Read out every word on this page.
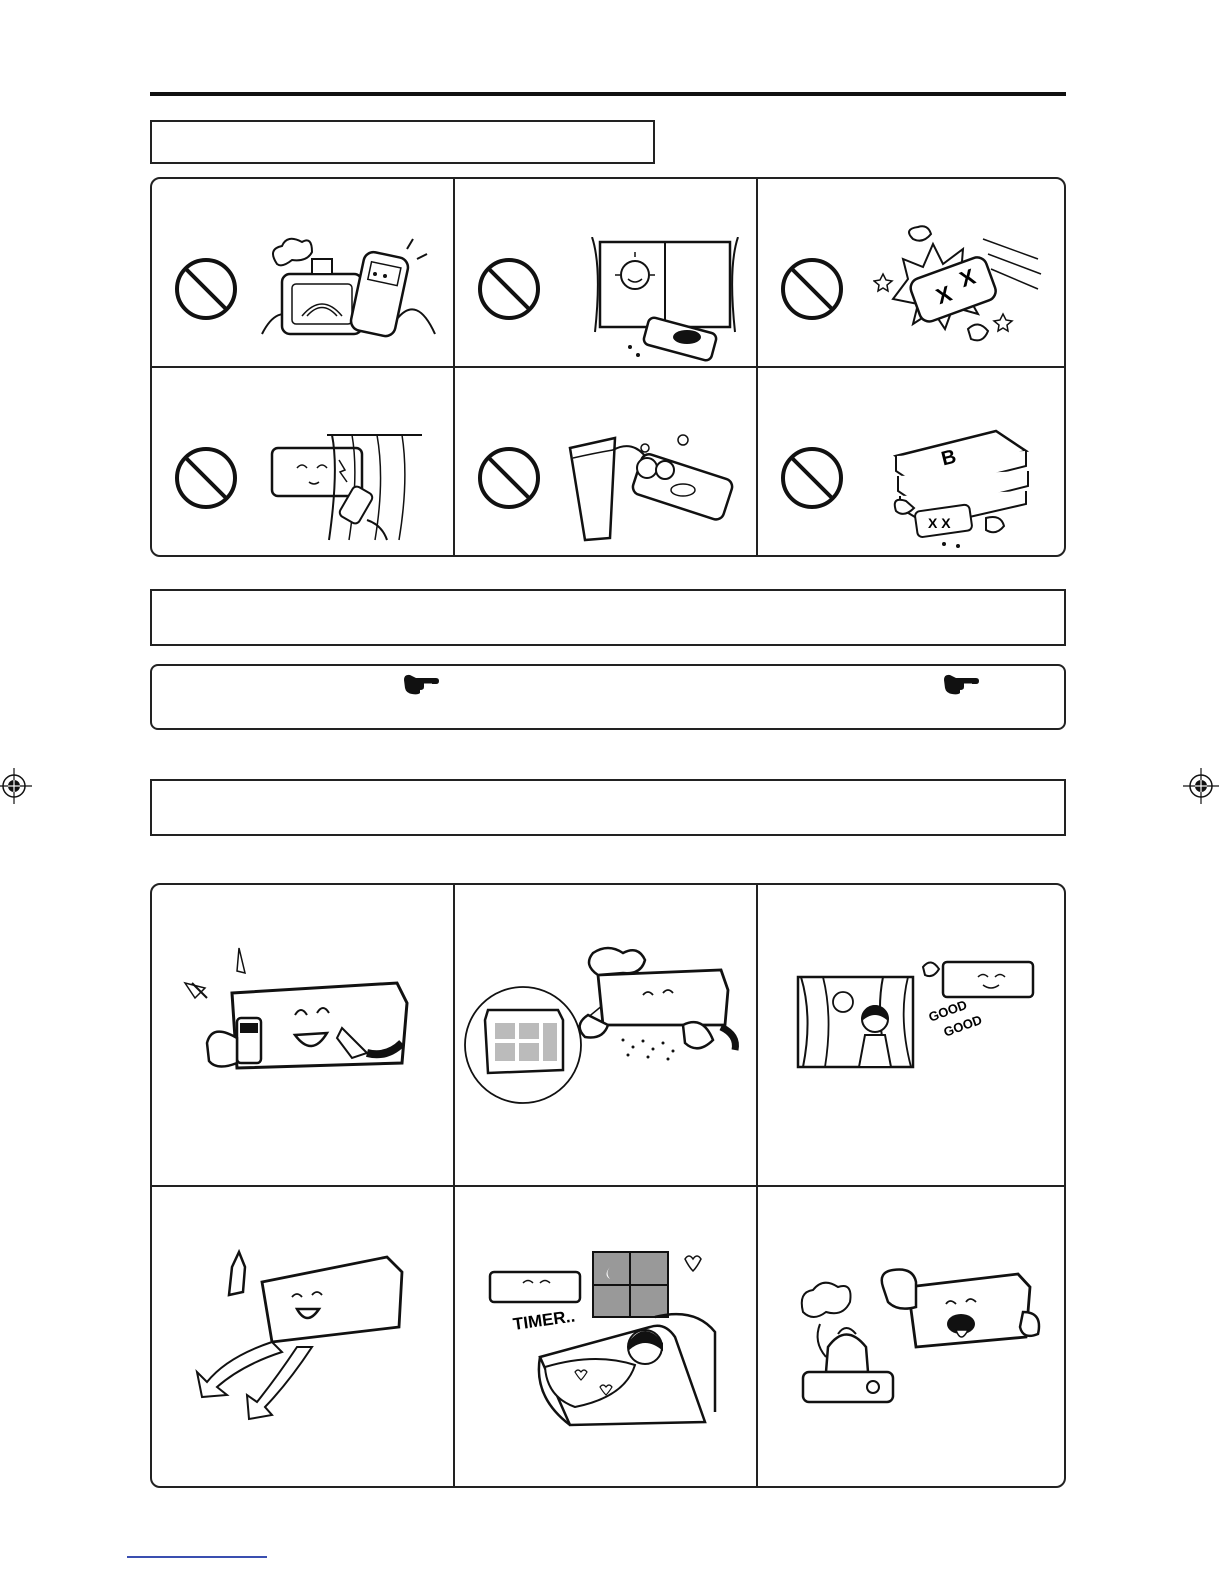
X
X
B
X X
GOOD
GOOD
TIMER..
